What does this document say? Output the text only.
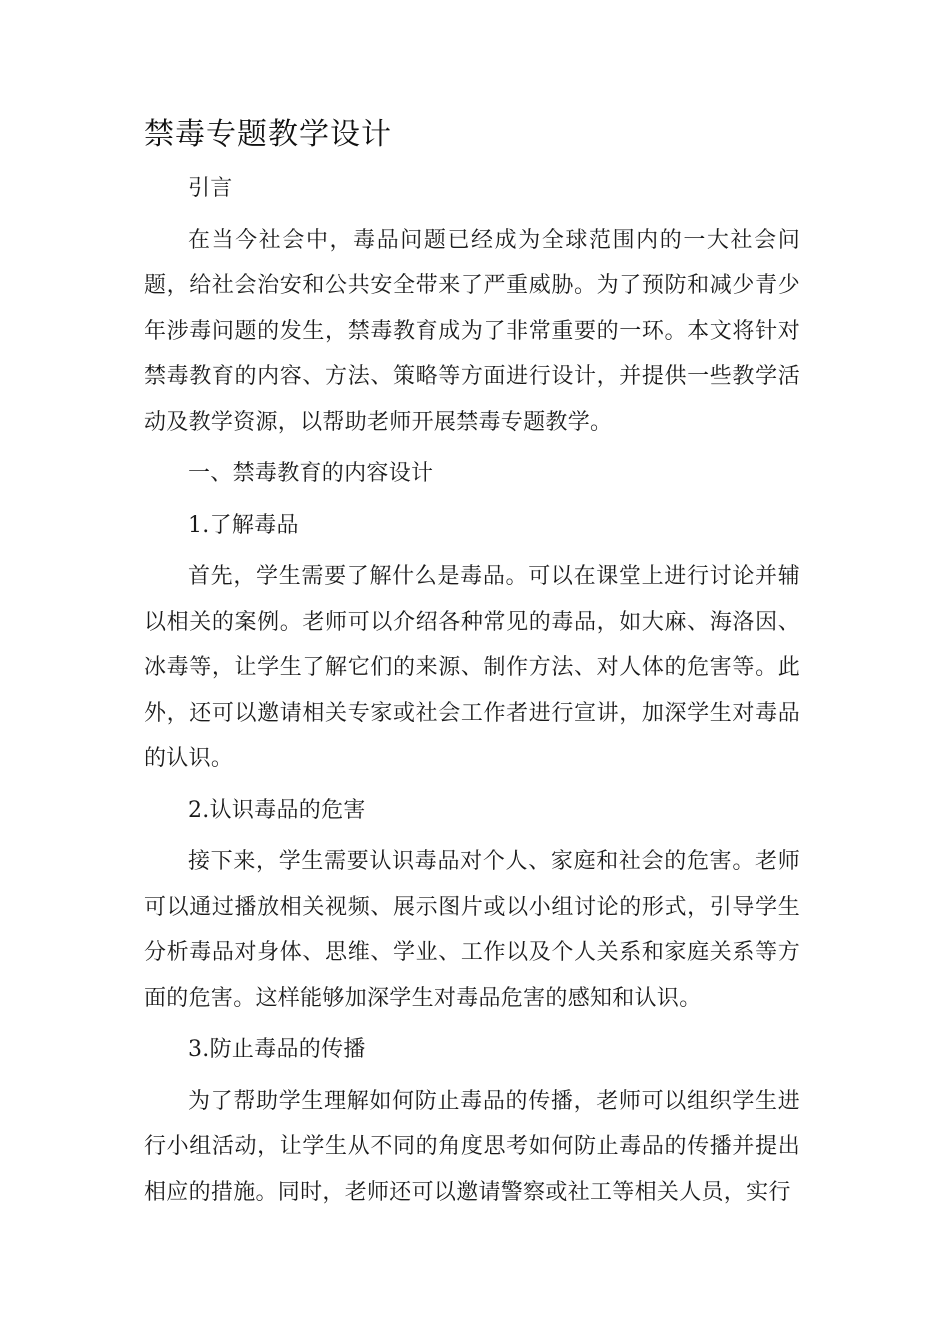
禁毒专题教学设计

引言

在当今社会中，毒品问题已经成为全球范围内的一大社会问题，给社会治安和公共安全带来了严重威胁。为了预防和减少青少年涉毒问题的发生，禁毒教育成为了非常重要的一环。本文将针对禁毒教育的内容、方法、策略等方面进行设计，并提供一些教学活动及教学资源，以帮助老师开展禁毒专题教学。

一、禁毒教育的内容设计

1.了解毒品

首先，学生需要了解什么是毒品。可以在课堂上进行讨论并辅以相关的案例。老师可以介绍各种常见的毒品，如大麻、海洛因、冰毒等，让学生了解它们的来源、制作方法、对人体的危害等。此外，还可以邀请相关专家或社会工作者进行宣讲，加深学生对毒品的认识。

2.认识毒品的危害

接下来，学生需要认识毒品对个人、家庭和社会的危害。老师可以通过播放相关视频、展示图片或以小组讨论的形式，引导学生分析毒品对身体、思维、学业、工作以及个人关系和家庭关系等方面的危害。这样能够加深学生对毒品危害的感知和认识。

3.防止毒品的传播

为了帮助学生理解如何防止毒品的传播，老师可以组织学生进行小组活动，让学生从不同的角度思考如何防止毒品的传播并提出相应的措施。同时，老师还可以邀请警察或社工等相关人员，实行
